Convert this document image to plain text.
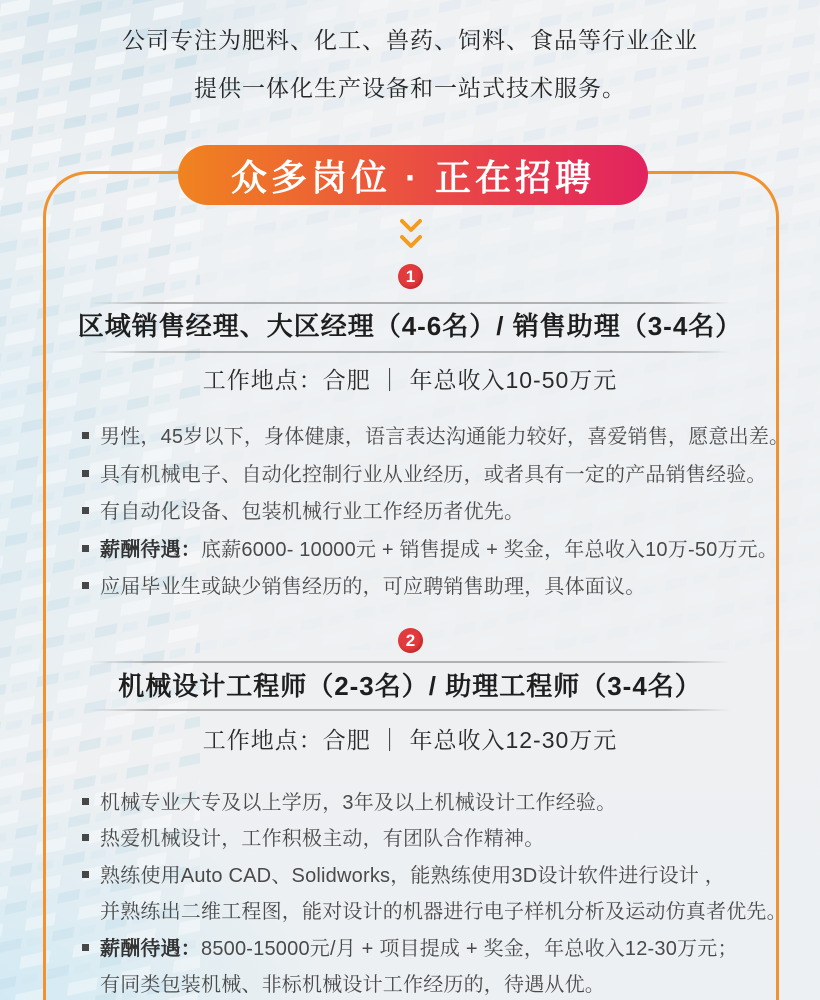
公司专注为肥料、化工、兽药、饲料、食品等行业企业
提供一体化生产设备和一站式技术服务。
众多岗位 · 正在招聘
1
区域销售经理、大区经理（4-6名）/ 销售助理（3-4名）
工作地点：合肥 ｜ 年总收入10-50万元
男性，45岁以下，身体健康，语言表达沟通能力较好，喜爱销售，愿意出差。
具有机械电子、自动化控制行业从业经历，或者具有一定的产品销售经验。
有自动化设备、包装机械行业工作经历者优先。
薪酬待遇：底薪6000- 10000元 + 销售提成 + 奖金，年总收入10万-50万元。
应届毕业生或缺少销售经历的，可应聘销售助理，具体面议。
2
机械设计工程师（2-3名）/ 助理工程师（3-4名）
工作地点：合肥 ｜ 年总收入12-30万元
机械专业大专及以上学历，3年及以上机械设计工作经验。
热爱机械设计，工作积极主动，有团队合作精神。
熟练使用Auto CAD、Solidworks，能熟练使用3D设计软件进行设计 ，
并熟练出二维工程图，能对设计的机器进行电子样机分析及运动仿真者优先。
薪酬待遇：8500-15000元/月 + 项目提成 + 奖金，年总收入12-30万元；
有同类包装机械、非标机械设计工作经历的，待遇从优。
